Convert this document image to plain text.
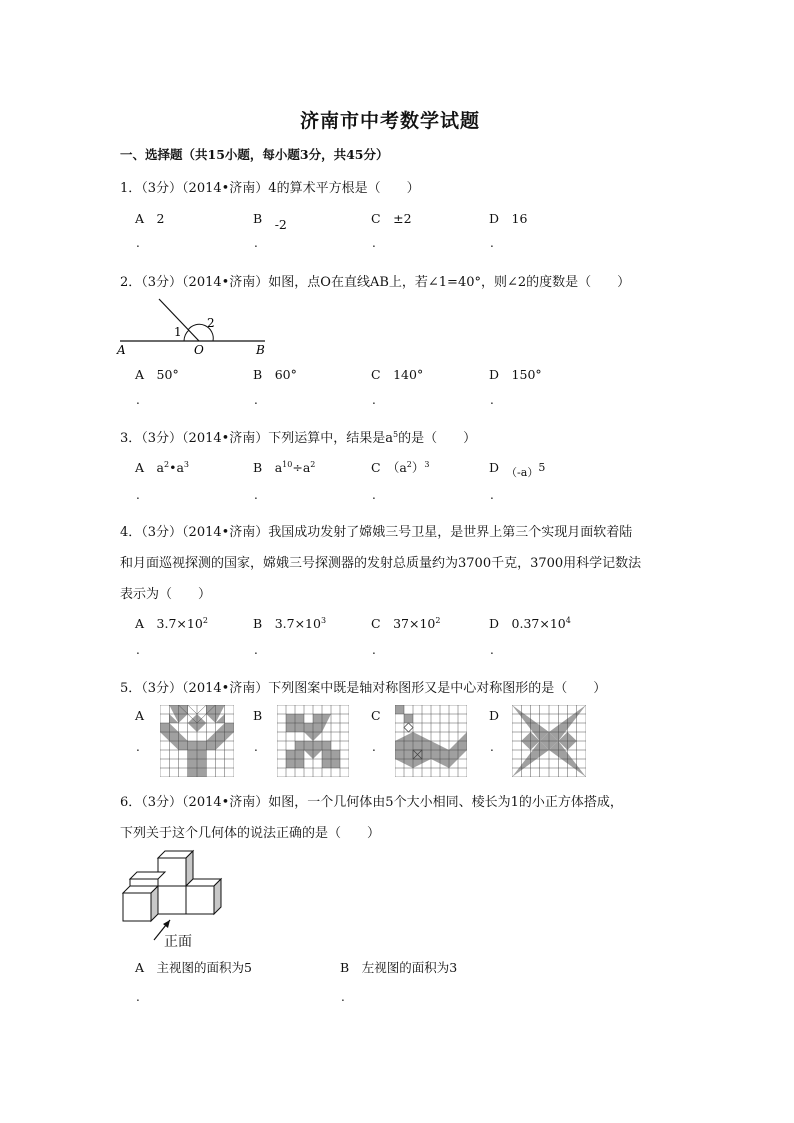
济南市中考数学试题
一、选择题（共15小题，每小题3分，共45分）
1．（3分）（2014•济南）4的算术平方根是（　　）
A　 2	B　 -2	C　 ±2	D　 16
.	.	.	.
2．（3分）（2014•济南）如图，点O在直线AB上，若∠1=40°，则∠2的度数是（　　）
A	O	B
1
2
A　 50°	B　 60°	C　 140°	D　 150°
.	.	.	.
3．（3分）（2014•济南）下列运算中，结果是$a^5$的是（　　）
A　 $a^2•a^3$	B　 $a^{10}\div a^2$	C　 $(a^2)^3$	D　 （-a）5
.	.	.	.
4．（3分）（2014•济南）我国成功发射了嫦娥三号卫星，是世界上第三个实现月面软着陆
和月面巡视探测的国家，嫦娥三号探测器的发射总质量约为3700千克，3700用科学记数法
表示为（　　）
A　 $3.7\times 10^2$	B　 $3.7\times 10^3$	C　 $37\times 10^2$	D　 $0.37\times 10^4$
.	.	.	.
5．（3分）（2014•济南）下列图案中既是轴对称图形又是中心对称图形的是（　　）
A	B	C	D
.	.	.	.
6．（3分）（2014•济南）如图，一个几何体由5个大小相同、棱长为1的小正方体搭成，
下列关于这个几何体的说法正确的是（　　）
正面
A　 主视图的面积为5	B　 左视图的面积为3
.	.
